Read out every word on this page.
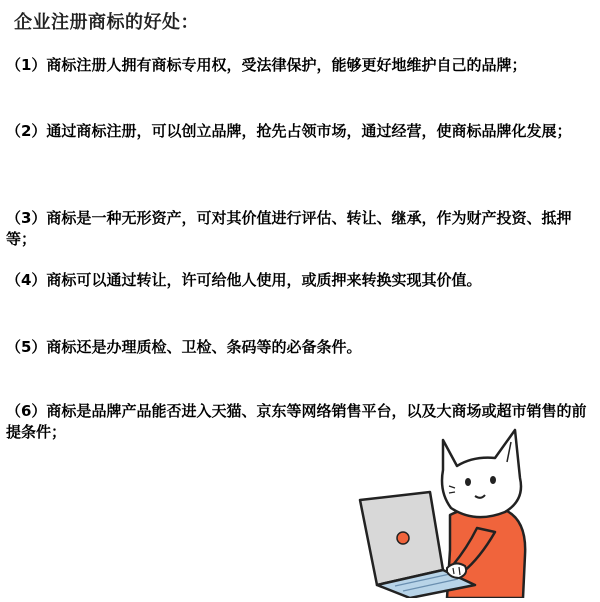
企业注册商标的好处：
（1）商标注册人拥有商标专用权，受法律保护，能够更好地维护自己的品牌；
（2）通过商标注册，可以创立品牌，抢先占领市场，通过经营，使商标品牌化发展；
（3）商标是一种无形资产，可对其价值进行评估、转让、继承，作为财产投资、抵押等；
（4）商标可以通过转让，许可给他人使用，或质押来转换实现其价值。
（5）商标还是办理质检、卫检、条码等的必备条件。
（6）商标是品牌产品能否进入天猫、京东等网络销售平台，以及大商场或超市销售的前提条件；
